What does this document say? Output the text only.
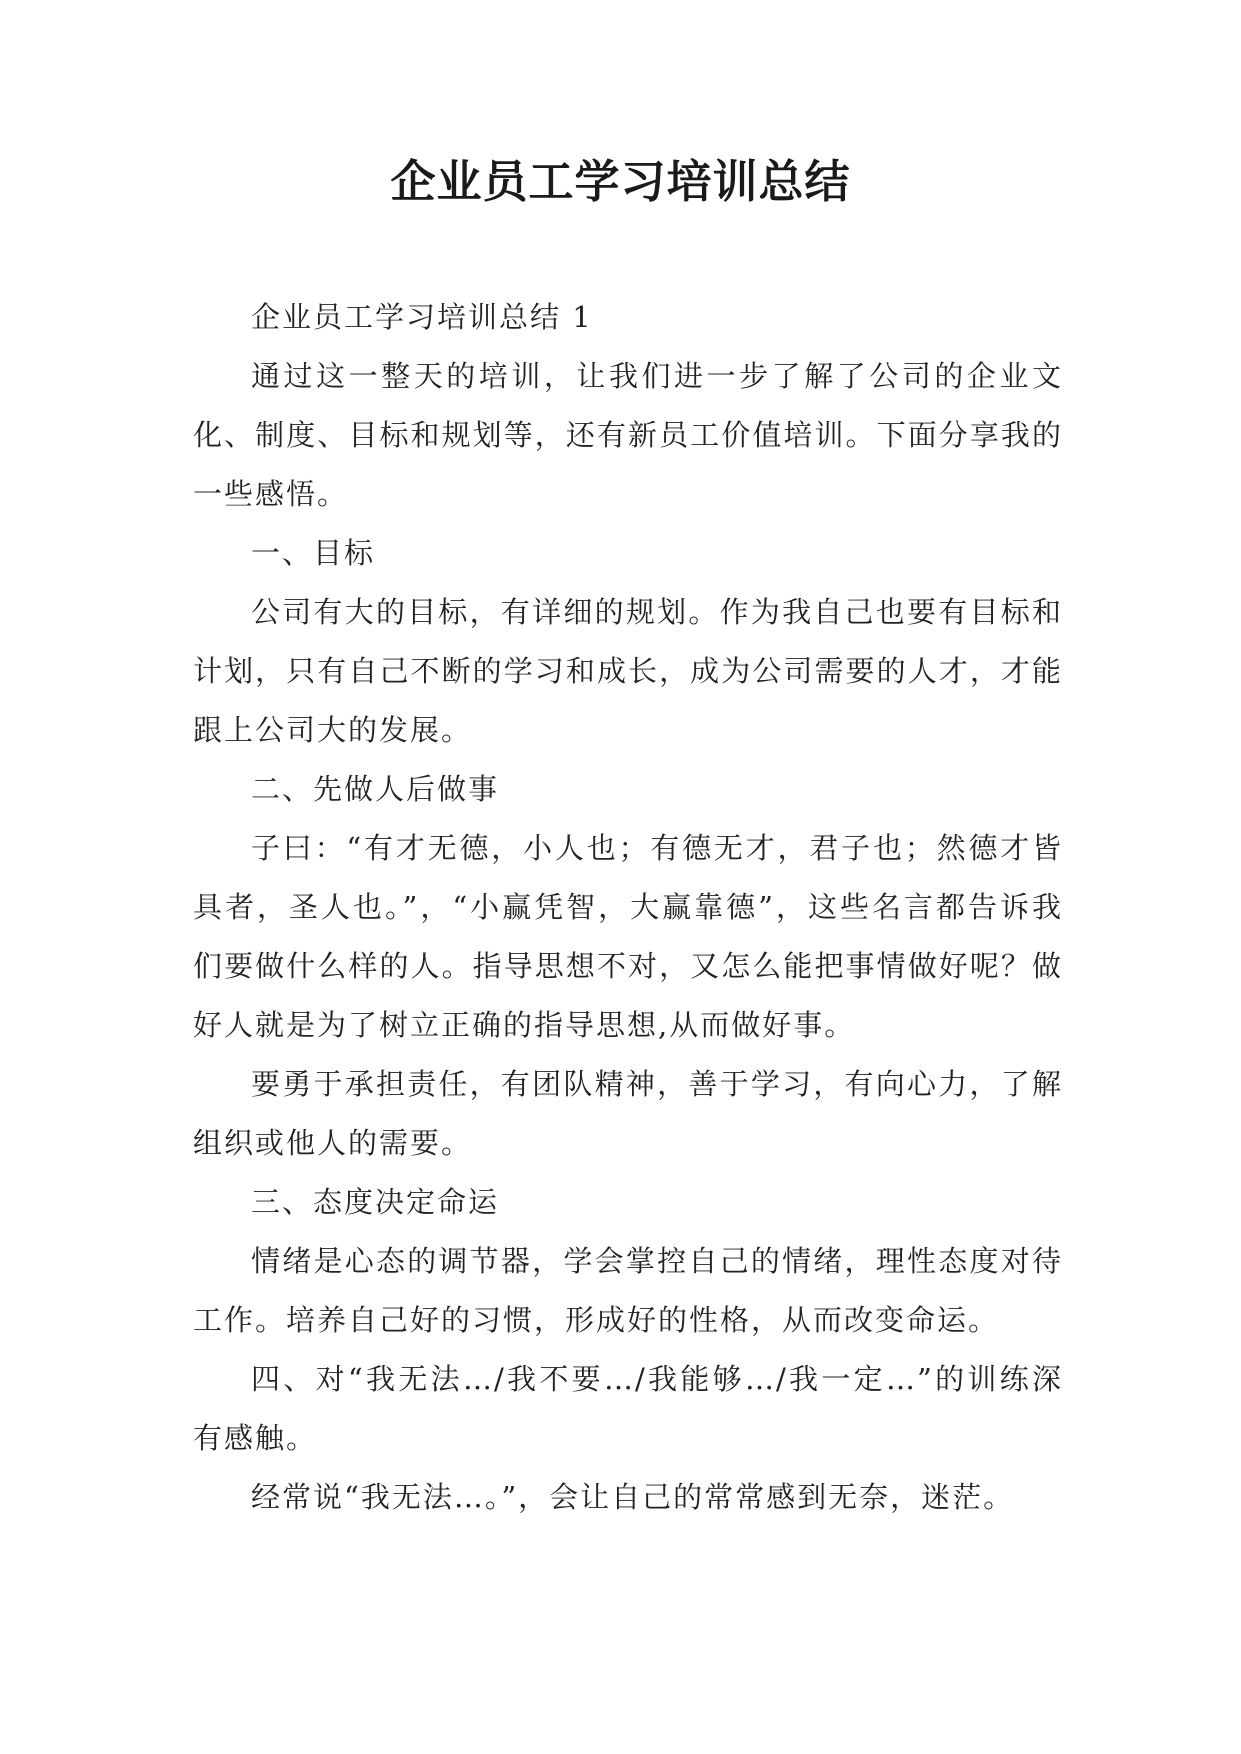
企业员工学习培训总结

企业员工学习培训总结 1

通过这一整天的培训，让我们进一步了解了公司的企业文化、制度、目标和规划等，还有新员工价值培训。下面分享我的一些感悟。

一、目标

公司有大的目标，有详细的规划。作为我自己也要有目标和计划，只有自己不断的学习和成长，成为公司需要的人才，才能跟上公司大的发展。

二、先做人后做事

子曰：“有才无德，小人也；有德无才，君子也；然德才皆具者，圣人也。”，“小赢凭智，大赢靠德”，这些名言都告诉我们要做什么样的人。指导思想不对，又怎么能把事情做好呢？做好人就是为了树立正确的指导思想,从而做好事。

要勇于承担责任，有团队精神，善于学习，有向心力，了解组织或他人的需要。

三、态度决定命运

情绪是心态的调节器，学会掌控自己的情绪，理性态度对待工作。培养自己好的习惯，形成好的性格，从而改变命运。

四、对“我无法…/我不要…/我能够…/我一定…”的训练深有感触。

经常说“我无法…。”，会让自己的常常感到无奈，迷茫。
